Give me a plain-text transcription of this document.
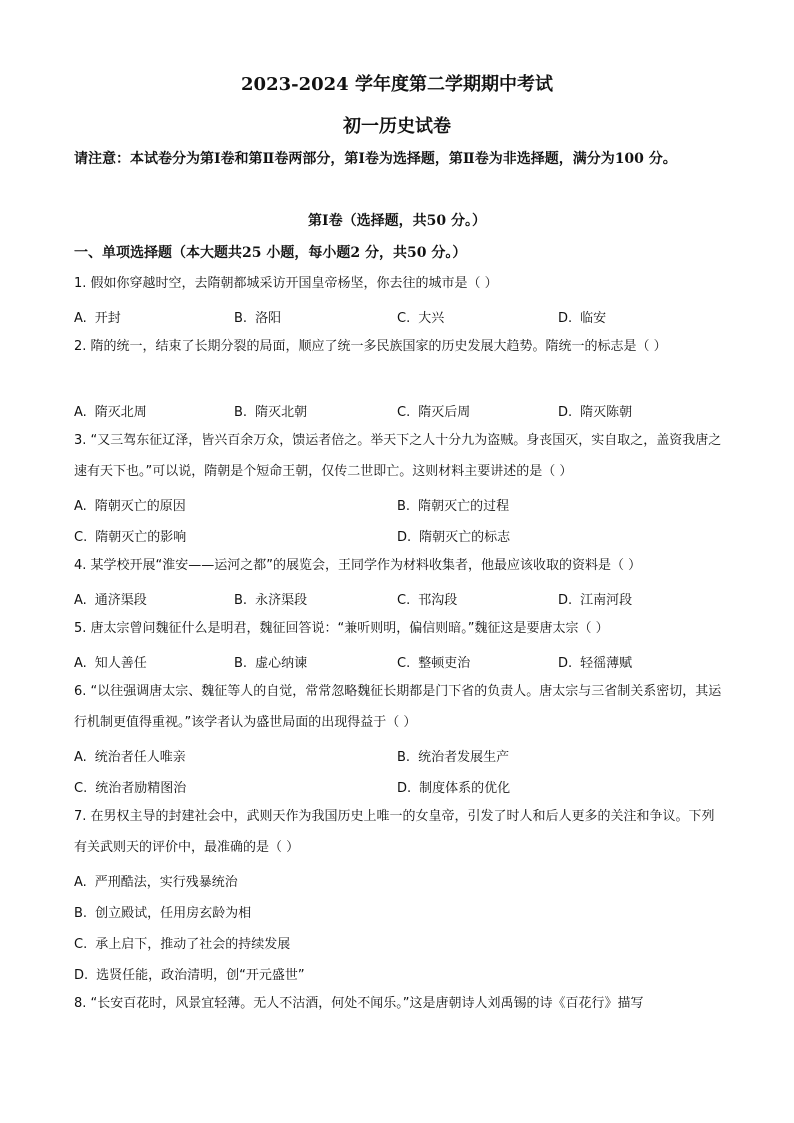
2023-2024 学年度第二学期期中考试
初一历史试卷
请注意：本试卷分为第Ⅰ卷和第Ⅱ卷两部分，第Ⅰ卷为选择题，第Ⅱ卷为非选择题，满分为100 分。
第Ⅰ卷（选择题，共50 分。）
一、单项选择题（本大题共25 小题，每小题2 分，共50 分。）
1. 假如你穿越时空，去隋朝都城采访开国皇帝杨坚，你去往的城市是（ ）
A. 开封	B. 洛阳	C. 大兴	D. 临安
2. 隋的统一，结束了长期分裂的局面，顺应了统一多民族国家的历史发展大趋势。隋统一的标志是（ ）
A. 隋灭北周	B. 隋灭北朝	C. 隋灭后周	D. 隋灭陈朝
3. “又三驾东征辽泽，皆兴百余万众，馈运者倍之。举天下之人十分九为盗贼。身丧国灭，实自取之，盖资我唐之速有天下也。”可以说，隋朝是个短命王朝，仅传二世即亡。这则材料主要讲述的是（ ）
A. 隋朝灭亡的原因	B. 隋朝灭亡的过程
C. 隋朝灭亡的影响	D. 隋朝灭亡的标志
4. 某学校开展“淮安——运河之都”的展览会，王同学作为材料收集者，他最应该收取的资料是（ ）
A. 通济渠段	B. 永济渠段	C. 邗沟段	D. 江南河段
5. 唐太宗曾问魏征什么是明君，魏征回答说：“兼听则明，偏信则暗。”魏征这是要唐太宗（ ）
A. 知人善任	B. 虚心纳谏	C. 整顿吏治	D. 轻徭薄赋
6. “以往强调唐太宗、魏征等人的自觉，常常忽略魏征长期都是门下省的负责人。唐太宗与三省制关系密切，其运行机制更值得重视。”该学者认为盛世局面的出现得益于（ ）
A. 统治者任人唯亲	B. 统治者发展生产
C. 统治者励精图治	D. 制度体系的优化
7. 在男权主导的封建社会中，武则天作为我国历史上唯一的女皇帝，引发了时人和后人更多的关注和争议。下列有关武则天的评价中，最准确的是（ ）
A. 严刑酷法，实行残暴统治
B. 创立殿试，任用房玄龄为相
C. 承上启下，推动了社会的持续发展
D. 选贤任能，政治清明，创“开元盛世”
8. “长安百花时，风景宜轻薄。无人不沽酒，何处不闻乐。”这是唐朝诗人刘禹锡的诗《百花行》描写
